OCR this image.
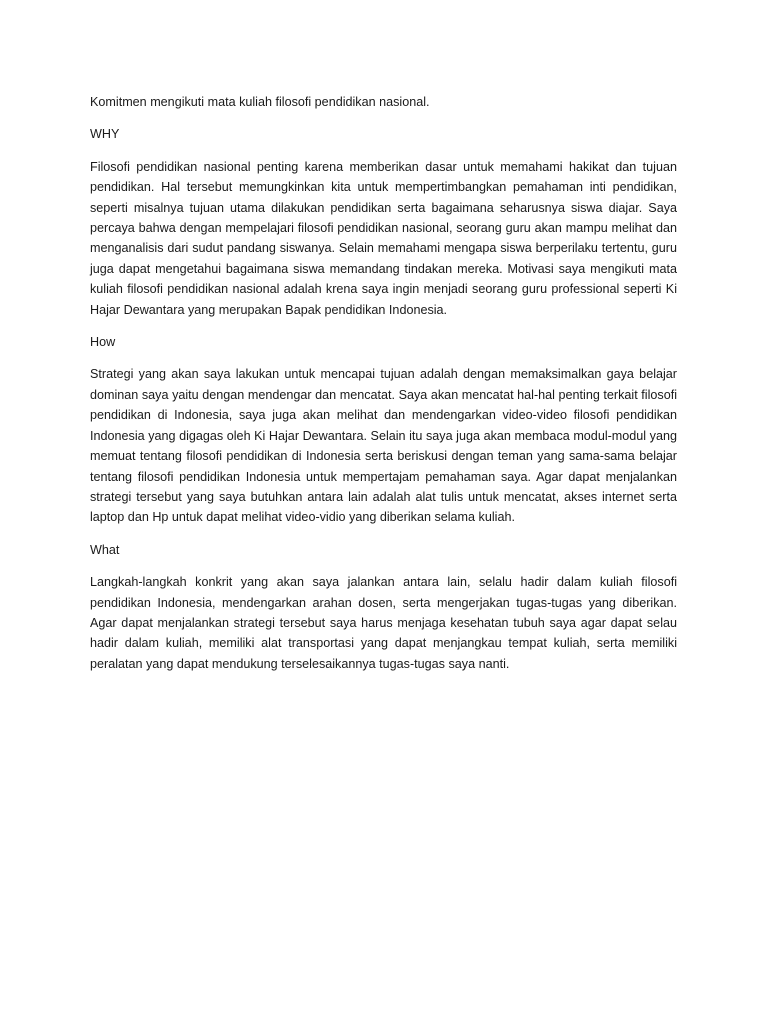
Komitmen mengikuti mata kuliah filosofi pendidikan nasional.

WHY

Filosofi pendidikan nasional penting karena memberikan dasar untuk memahami hakikat dan tujuan pendidikan. Hal tersebut memungkinkan kita untuk mempertimbangkan pemahaman inti pendidikan, seperti misalnya tujuan utama dilakukan pendidikan serta bagaimana seharusnya siswa diajar. Saya percaya bahwa dengan mempelajari filosofi pendidikan nasional, seorang guru akan mampu melihat dan menganalisis dari sudut pandang siswanya. Selain memahami mengapa siswa berperilaku tertentu, guru juga dapat mengetahui bagaimana siswa memandang tindakan mereka. Motivasi saya mengikuti mata kuliah filosofi pendidikan nasional adalah krena saya ingin menjadi seorang guru professional seperti Ki Hajar Dewantara yang merupakan Bapak pendidikan Indonesia.

How

Strategi yang akan saya lakukan untuk mencapai tujuan adalah dengan memaksimalkan gaya belajar dominan saya yaitu dengan mendengar dan mencatat. Saya akan mencatat hal-hal penting terkait filosofi pendidikan di Indonesia, saya juga akan melihat dan mendengarkan video-video filosofi pendidikan Indonesia yang digagas oleh Ki Hajar Dewantara. Selain itu saya juga akan membaca modul-modul yang memuat tentang filosofi pendidikan di Indonesia serta beriskusi dengan teman yang sama-sama belajar tentang filosofi pendidikan Indonesia untuk mempertajam pemahaman saya. Agar dapat menjalankan strategi tersebut yang saya butuhkan antara lain adalah alat tulis untuk mencatat, akses internet serta laptop dan Hp untuk dapat melihat video-vidio yang diberikan selama kuliah.

What

Langkah-langkah konkrit yang akan saya jalankan antara lain, selalu hadir dalam kuliah filosofi pendidikan Indonesia, mendengarkan arahan dosen, serta mengerjakan tugas-tugas yang diberikan. Agar dapat menjalankan strategi tersebut saya harus menjaga kesehatan tubuh saya agar dapat selau hadir dalam kuliah, memiliki alat transportasi yang dapat menjangkau tempat kuliah, serta memiliki peralatan yang dapat mendukung terselesaikannya tugas-tugas saya nanti.
